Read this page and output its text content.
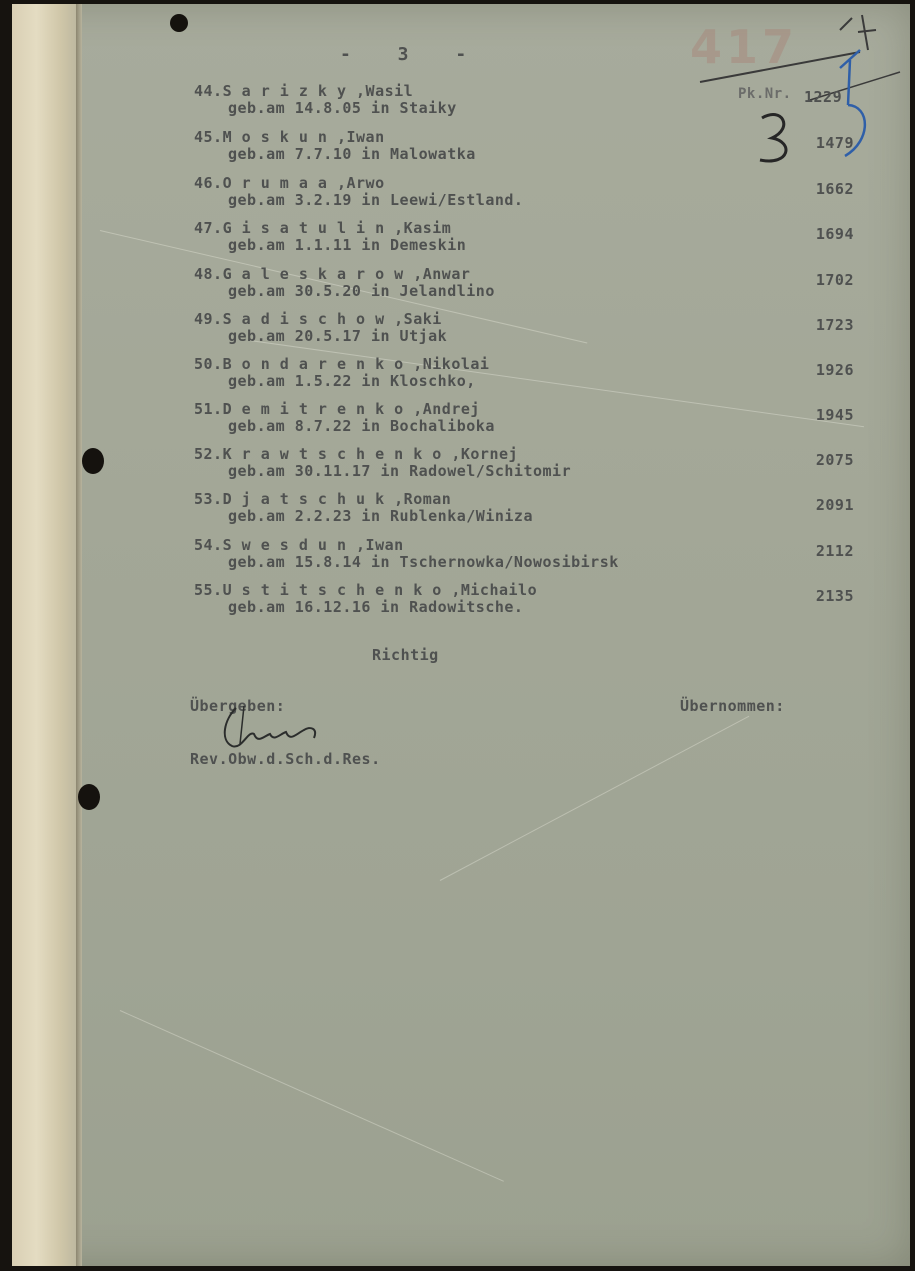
417
- 3 -
Pk.Nr.
44.S a r i z k y ,Wasil
geb.am 14.8.05 in Staiky
45.M o s k u n ,Iwan
geb.am 7.7.10 in Malowatka
1479
46.O r u m a a ,Arwo
geb.am 3.2.19 in Leewi/Estland.
1662
47.G i s a t u l i n ,Kasim
geb.am 1.1.11 in Demeskin
1694
48.G a l e s k a r o w ,Anwar
geb.am 30.5.20 in Jelandlino
1702
49.S a d i s c h o w ,Saki
geb.am 20.5.17 in Utjak
1723
50.B o n d a r e n k o ,Nikolai
geb.am 1.5.22 in Kloschko,
1926
51.D e m i t r e n k o ,Andrej
geb.am 8.7.22 in Bochaliboka
1945
52.K r a w t s c h e n k o ,Kornej
geb.am 30.11.17 in Radowel/Schitomir
2075
53.D j a t s c h u k ,Roman
geb.am 2.2.23 in Rublenka/Winiza
2091
54.S w e s d u n ,Iwan
geb.am 15.8.14 in Tschernowka/Nowosibirsk
2112
55.U s t i t s c h e n k o ,Michailo
geb.am 16.12.16 in Radowitsche.
2135
1229
Richtig
Übergeben:	Übernommen:
Rev.Obw.d.Sch.d.Res.
